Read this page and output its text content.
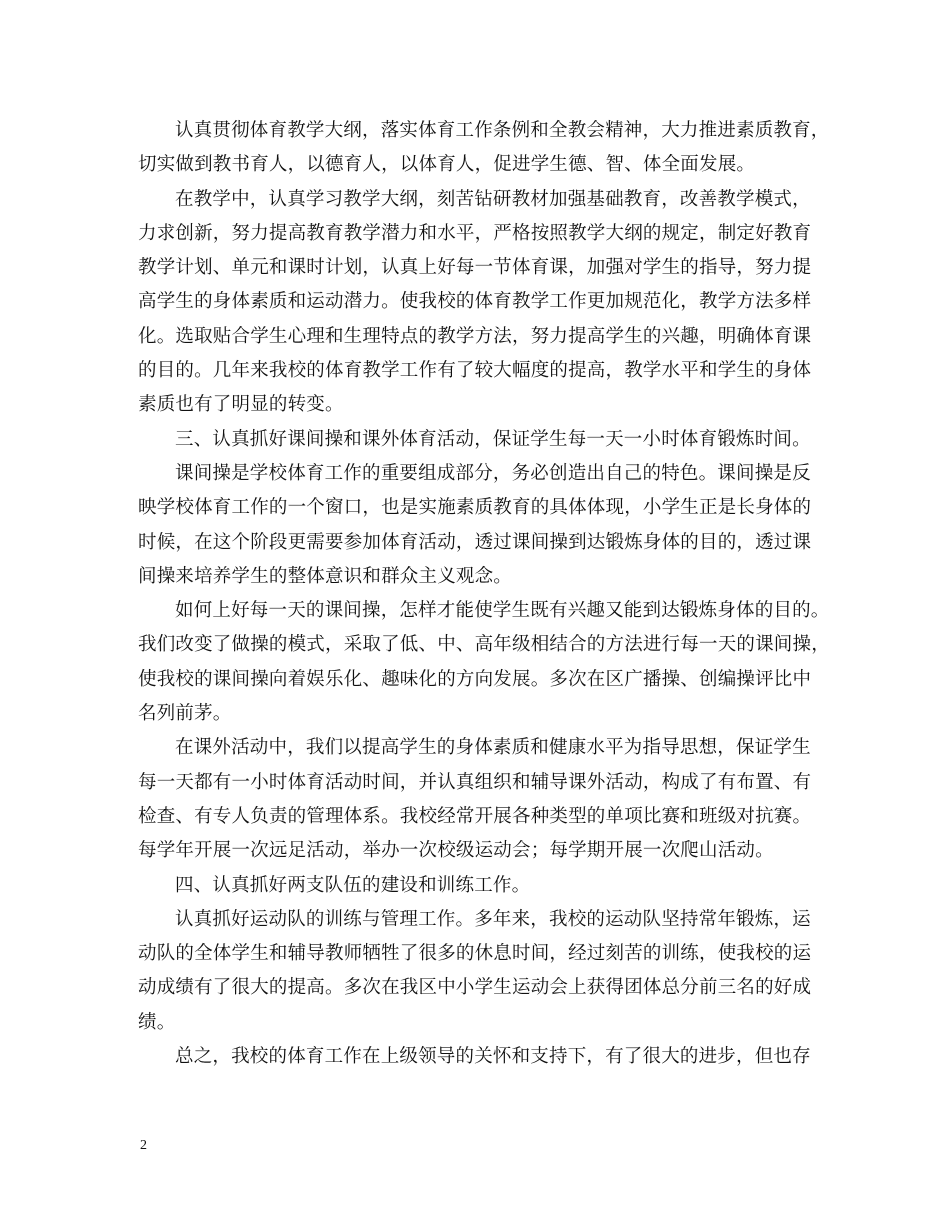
认真贯彻体育教学大纲，落实体育工作条例和全教会精神，大力推进素质教育，
切实做到教书育人，以德育人，以体育人，促进学生德、智、体全面发展。
在教学中，认真学习教学大纲，刻苦钻研教材加强基础教育，改善教学模式，
力求创新，努力提高教育教学潜力和水平，严格按照教学大纲的规定，制定好教育
教学计划、单元和课时计划，认真上好每一节体育课，加强对学生的指导，努力提
高学生的身体素质和运动潜力。使我校的体育教学工作更加规范化，教学方法多样
化。选取贴合学生心理和生理特点的教学方法，努力提高学生的兴趣，明确体育课
的目的。几年来我校的体育教学工作有了较大幅度的提高，教学水平和学生的身体
素质也有了明显的转变。
三、认真抓好课间操和课外体育活动，保证学生每一天一小时体育锻炼时间。
课间操是学校体育工作的重要组成部分，务必创造出自己的特色。课间操是反
映学校体育工作的一个窗口，也是实施素质教育的具体体现，小学生正是长身体的
时候，在这个阶段更需要参加体育活动，透过课间操到达锻炼身体的目的，透过课
间操来培养学生的整体意识和群众主义观念。
如何上好每一天的课间操，怎样才能使学生既有兴趣又能到达锻炼身体的目的。
我们改变了做操的模式，采取了低、中、高年级相结合的方法进行每一天的课间操，
使我校的课间操向着娱乐化、趣味化的方向发展。多次在区广播操、创编操评比中
名列前茅。
在课外活动中，我们以提高学生的身体素质和健康水平为指导思想，保证学生
每一天都有一小时体育活动时间，并认真组织和辅导课外活动，构成了有布置、有
检查、有专人负责的管理体系。我校经常开展各种类型的单项比赛和班级对抗赛。
每学年开展一次远足活动，举办一次校级运动会；每学期开展一次爬山活动。
四、认真抓好两支队伍的建设和训练工作。
认真抓好运动队的训练与管理工作。多年来，我校的运动队坚持常年锻炼，运
动队的全体学生和辅导教师牺牲了很多的休息时间，经过刻苦的训练，使我校的运
动成绩有了很大的提高。多次在我区中小学生运动会上获得团体总分前三名的好成
绩。
总之，我校的体育工作在上级领导的关怀和支持下，有了很大的进步，但也存
2
